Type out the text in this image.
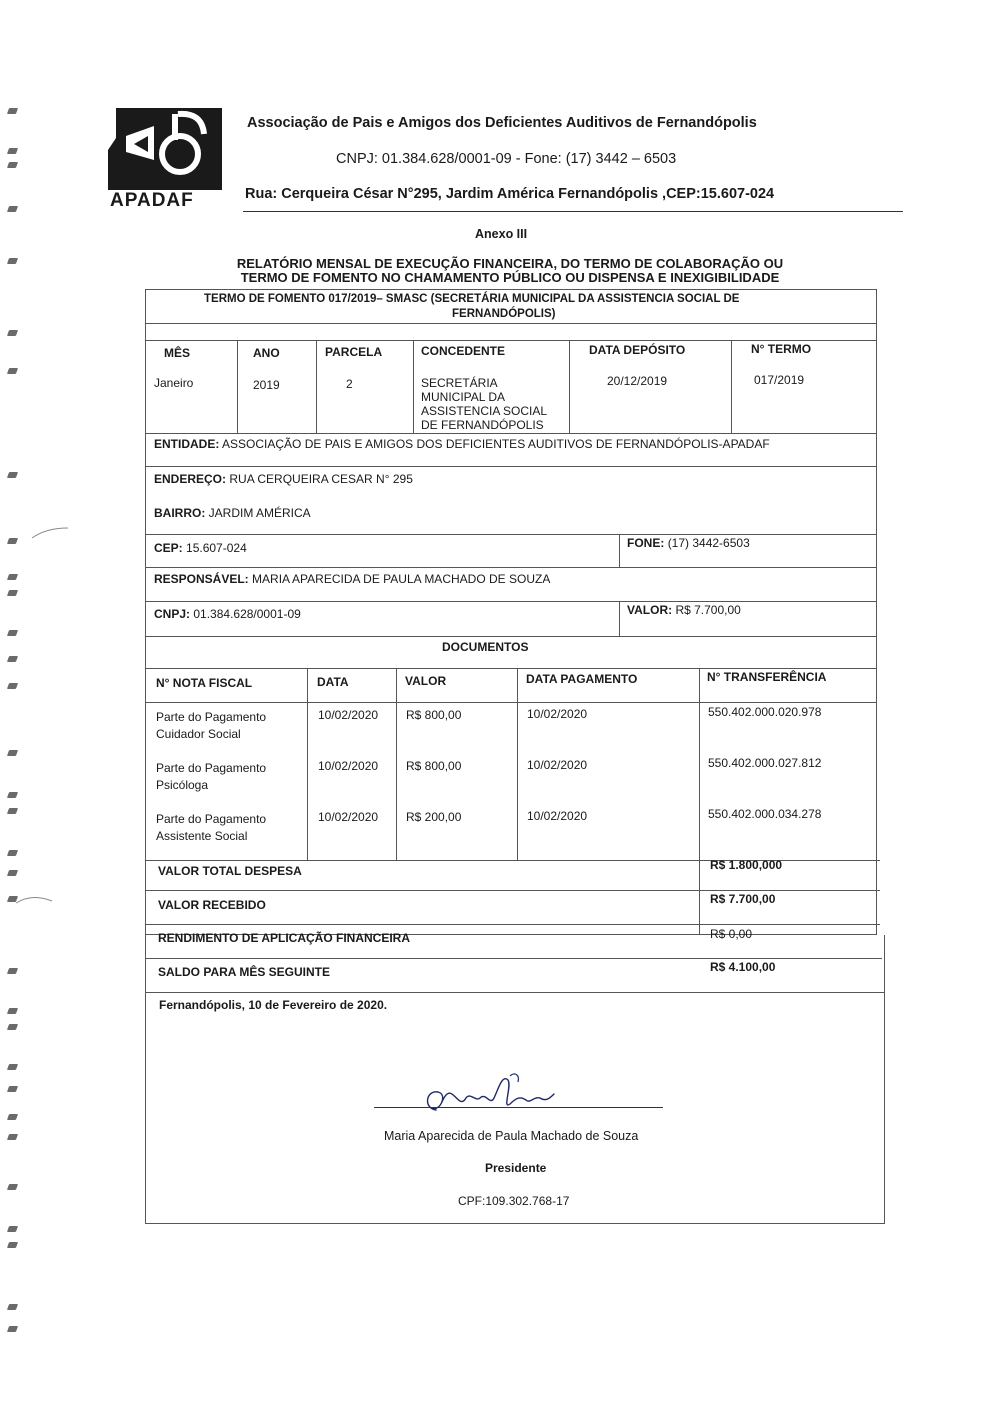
APADAF
Associação de Pais e Amigos dos Deficientes Auditivos de Fernandópolis
CNPJ: 01.384.628/0001-09 - Fone: (17) 3442 – 6503
Rua: Cerqueira César N°295, Jardim América Fernandópolis ,CEP:15.607-024
Anexo III
RELATÓRIO MENSAL DE EXECUÇÃO FINANCEIRA, DO TERMO DE COLABORAÇÃO OU
TERMO DE FOMENTO NO CHAMAMENTO PÚBLICO OU DISPENSA E INEXIGIBILIDADE
TERMO DE FOMENTO 017/2019– SMASC (SECRETÁRIA MUNICIPAL DA ASSISTENCIA SOCIAL DE
FERNANDÓPOLIS)
MÊS	ANO	PARCELA	CONCEDENTE	DATA DEPÓSITO	N° TERMO
Janeiro	2019	2	SECRETÁRIA
MUNICIPAL DA
ASSISTENCIA SOCIAL
DE FERNANDÓPOLIS
20/12/2019	017/2019
ENTIDADE: ASSOCIAÇÃO DE PAIS E AMIGOS DOS DEFICIENTES AUDITIVOS DE FERNANDÓPOLIS-APADAF
ENDEREÇO: RUA CERQUEIRA CESAR N° 295
BAIRRO: JARDIM AMÉRICA
CEP: 15.607-024	FONE: (17) 3442-6503
RESPONSÁVEL: MARIA APARECIDA DE PAULA MACHADO DE SOUZA
CNPJ: 01.384.628/0001-09	VALOR: R$ 7.700,00
DOCUMENTOS
N° NOTA FISCAL	DATA	VALOR	DATA PAGAMENTO	N° TRANSFERÊNCIA
Parte do Pagamento
Cuidador Social
10/02/2020 R$ 800,00	10/02/2020	550.402.000.020.978
Parte do Pagamento
Psicóloga
10/02/2020 R$ 800,00	10/02/2020	550.402.000.027.812
Parte do Pagamento
Assistente Social
10/02/2020 R$ 200,00	10/02/2020	550.402.000.034.278
VALOR TOTAL DESPESA	R$ 1.800,000
VALOR RECEBIDO	R$ 7.700,00
RENDIMENTO DE APLICAÇÃO FINANCEIRA	R$ 0,00
SALDO PARA MÊS SEGUINTE	R$ 4.100,00
Fernandópolis, 10 de Fevereiro de 2020.
Maria Aparecida de Paula Machado de Souza
Presidente
CPF:109.302.768-17
